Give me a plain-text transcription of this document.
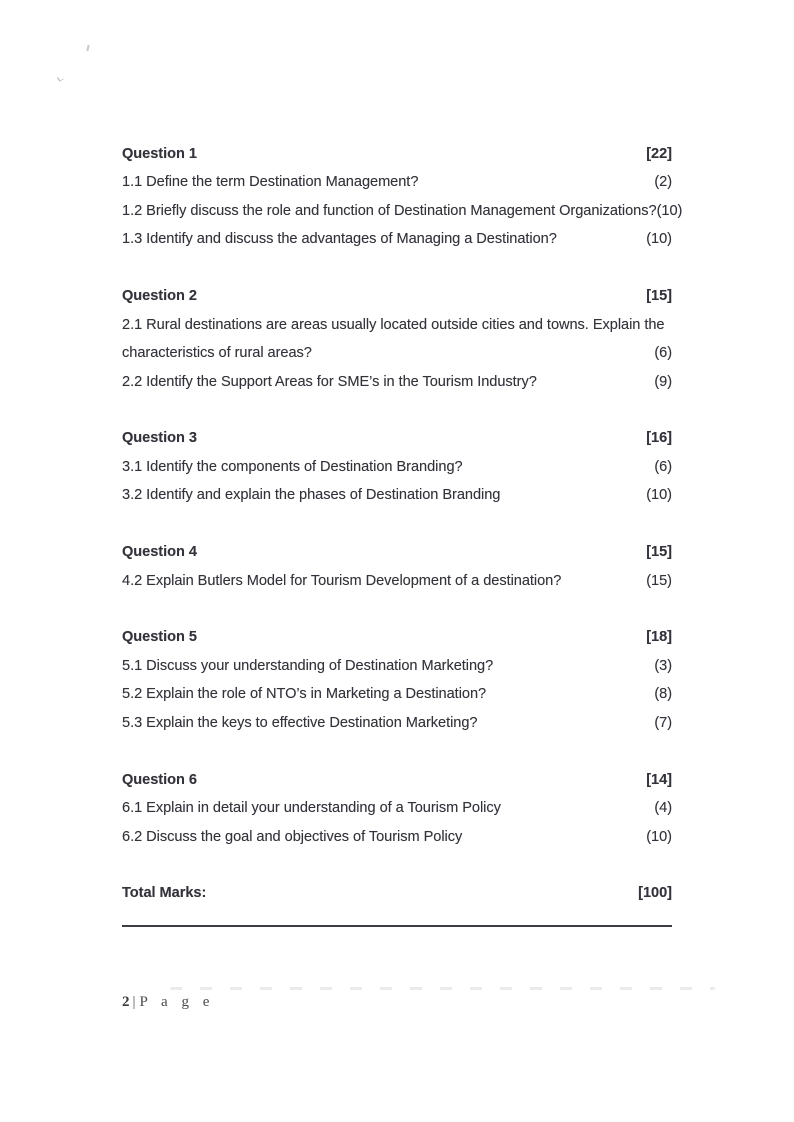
Question 1	[22]
1.1 Define the term Destination Management?	(2)
1.2 Briefly discuss the role and function of Destination Management Organizations?(10)
1.3 Identify and discuss the advantages of Managing a Destination?	(10)
Question 2	[15]
2.1 Rural destinations are areas usually located outside cities and towns. Explain the
characteristics of rural areas?	(6)
2.2 Identify the Support Areas for SME’s in the Tourism Industry?	(9)
Question 3	[16]
3.1 Identify the components of Destination Branding?	(6)
3.2 Identify and explain the phases of Destination Branding	(10)
Question 4	[15]
4.2 Explain Butlers Model for Tourism Development of a destination?	(15)
Question 5	[18]
5.1 Discuss your understanding of Destination Marketing?	(3)
5.2 Explain the role of NTO’s in Marketing a Destination?	(8)
5.3 Explain the keys to effective Destination Marketing?	(7)
Question 6	[14]
6.1 Explain in detail your understanding of a Tourism Policy	(4)
6.2 Discuss the goal and objectives of Tourism Policy	(10)
Total Marks:	[100]
2 | P a g e
